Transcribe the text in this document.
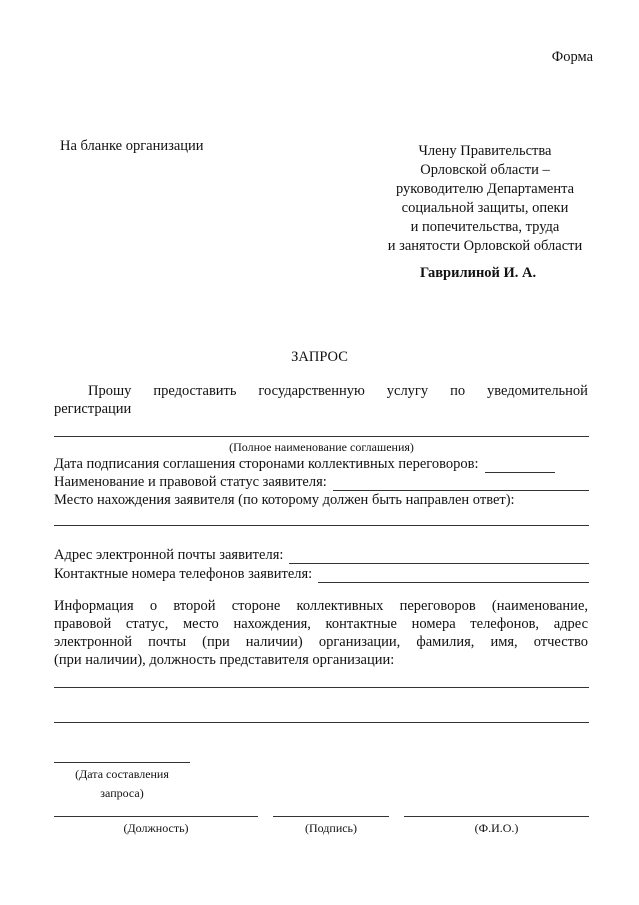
Форма
На бланке организации	Члену Правительства
Орловской области –
руководителю Департамента
социальной защиты, опеки
и попечительства, труда
и занятости Орловской области
Гаврилиной И. А.
ЗАПРОС
Прошу предоставить государственную услугу по уведомительной
регистрации
(Полное наименование соглашения)
Дата подписания соглашения сторонами коллективных переговоров:
Наименование и правовой статус заявителя:
Место нахождения заявителя (по которому должен быть направлен ответ):
Адрес электронной почты заявителя:
Контактные номера телефонов заявителя:
Информация о второй стороне коллективных переговоров (наименование,
правовой статус, место нахождения, контактные номера телефонов, адрес
электронной почты (при наличии) организации, фамилия, имя, отчество
(при наличии), должность представителя организации:
(Дата составления
запроса)
(Должность)	(Подпись)	(Ф.И.О.)
